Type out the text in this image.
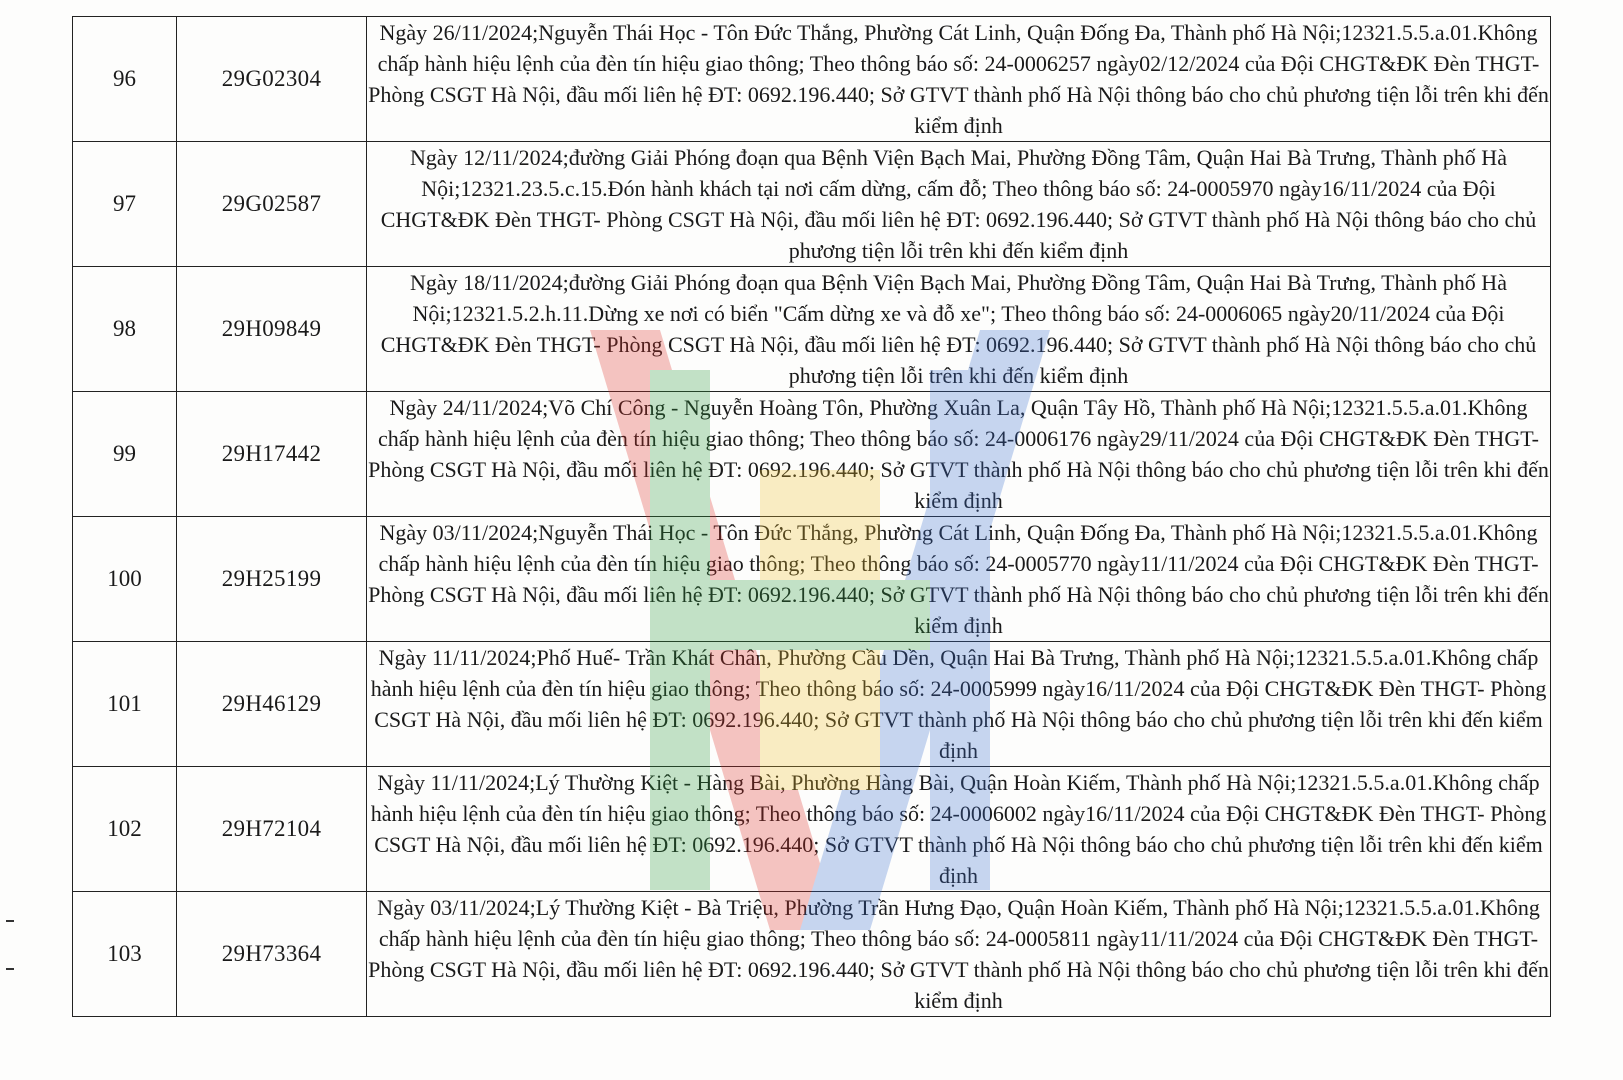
96	29G02304	Ngày 26/11/2024;Nguyễn Thái Học - Tôn Đức Thắng, Phường Cát Linh, Quận Đống Đa, Thành phố Hà Nội;12321.5.5.a.01.Không chấp hành hiệu lệnh của đèn tín hiệu giao thông; Theo thông báo số: 24-0006257 ngày02/12/2024 của Đội CHGT&ĐK Đèn THGT- Phòng CSGT Hà Nội, đầu mối liên hệ ĐT: 0692.196.440; Sở GTVT thành phố Hà Nội thông báo cho chủ phương tiện lỗi trên khi đến kiểm định

97	29G02587	Ngày 12/11/2024;đường Giải Phóng đoạn qua Bệnh Viện Bạch Mai, Phường Đồng Tâm, Quận Hai Bà Trưng, Thành phố Hà Nội;12321.23.5.c.15.Đón hành khách tại nơi cấm dừng, cấm đỗ; Theo thông báo số: 24-0005970 ngày16/11/2024 của Đội CHGT&ĐK Đèn THGT- Phòng CSGT Hà Nội, đầu mối liên hệ ĐT: 0692.196.440; Sở GTVT thành phố Hà Nội thông báo cho chủ phương tiện lỗi trên khi đến kiểm định

98	29H09849	Ngày 18/11/2024;đường Giải Phóng đoạn qua Bệnh Viện Bạch Mai, Phường Đồng Tâm, Quận Hai Bà Trưng, Thành phố Hà Nội;12321.5.2.h.11.Dừng xe nơi có biển "Cấm dừng xe và đỗ xe"; Theo thông báo số: 24-0006065 ngày20/11/2024 của Đội CHGT&ĐK Đèn THGT- Phòng CSGT Hà Nội, đầu mối liên hệ ĐT: 0692.196.440; Sở GTVT thành phố Hà Nội thông báo cho chủ phương tiện lỗi trên khi đến kiểm định

99	29H17442	Ngày 24/11/2024;Võ Chí Công - Nguyễn Hoàng Tôn, Phường Xuân La, Quận Tây Hồ, Thành phố Hà Nội;12321.5.5.a.01.Không chấp hành hiệu lệnh của đèn tín hiệu giao thông; Theo thông báo số: 24-0006176 ngày29/11/2024 của Đội CHGT&ĐK Đèn THGT- Phòng CSGT Hà Nội, đầu mối liên hệ ĐT: 0692.196.440; Sở GTVT thành phố Hà Nội thông báo cho chủ phương tiện lỗi trên khi đến kiểm định

100	29H25199	Ngày 03/11/2024;Nguyễn Thái Học - Tôn Đức Thắng, Phường Cát Linh, Quận Đống Đa, Thành phố Hà Nội;12321.5.5.a.01.Không chấp hành hiệu lệnh của đèn tín hiệu giao thông; Theo thông báo số: 24-0005770 ngày11/11/2024 của Đội CHGT&ĐK Đèn THGT- Phòng CSGT Hà Nội, đầu mối liên hệ ĐT: 0692.196.440; Sở GTVT thành phố Hà Nội thông báo cho chủ phương tiện lỗi trên khi đến kiểm định

101	29H46129	Ngày 11/11/2024;Phố Huế- Trần Khát Chân, Phường Cầu Dền, Quận Hai Bà Trưng, Thành phố Hà Nội;12321.5.5.a.01.Không chấp hành hiệu lệnh của đèn tín hiệu giao thông; Theo thông báo số: 24-0005999 ngày16/11/2024 của Đội CHGT&ĐK Đèn THGT- Phòng CSGT Hà Nội, đầu mối liên hệ ĐT: 0692.196.440; Sở GTVT thành phố Hà Nội thông báo cho chủ phương tiện lỗi trên khi đến kiểm định

102	29H72104	Ngày 11/11/2024;Lý Thường Kiệt - Hàng Bài, Phường Hàng Bài, Quận Hoàn Kiếm, Thành phố Hà Nội;12321.5.5.a.01.Không chấp hành hiệu lệnh của đèn tín hiệu giao thông; Theo thông báo số: 24-0006002 ngày16/11/2024 của Đội CHGT&ĐK Đèn THGT- Phòng CSGT Hà Nội, đầu mối liên hệ ĐT: 0692.196.440; Sở GTVT thành phố Hà Nội thông báo cho chủ phương tiện lỗi trên khi đến kiểm định

103	29H73364	Ngày 03/11/2024;Lý Thường Kiệt - Bà Triệu, Phường Trần Hưng Đạo, Quận Hoàn Kiếm, Thành phố Hà Nội;12321.5.5.a.01.Không chấp hành hiệu lệnh của đèn tín hiệu giao thông; Theo thông báo số: 24-0005811 ngày11/11/2024 của Đội CHGT&ĐK Đèn THGT- Phòng CSGT Hà Nội, đầu mối liên hệ ĐT: 0692.196.440; Sở GTVT thành phố Hà Nội thông báo cho chủ phương tiện lỗi trên khi đến kiểm định
